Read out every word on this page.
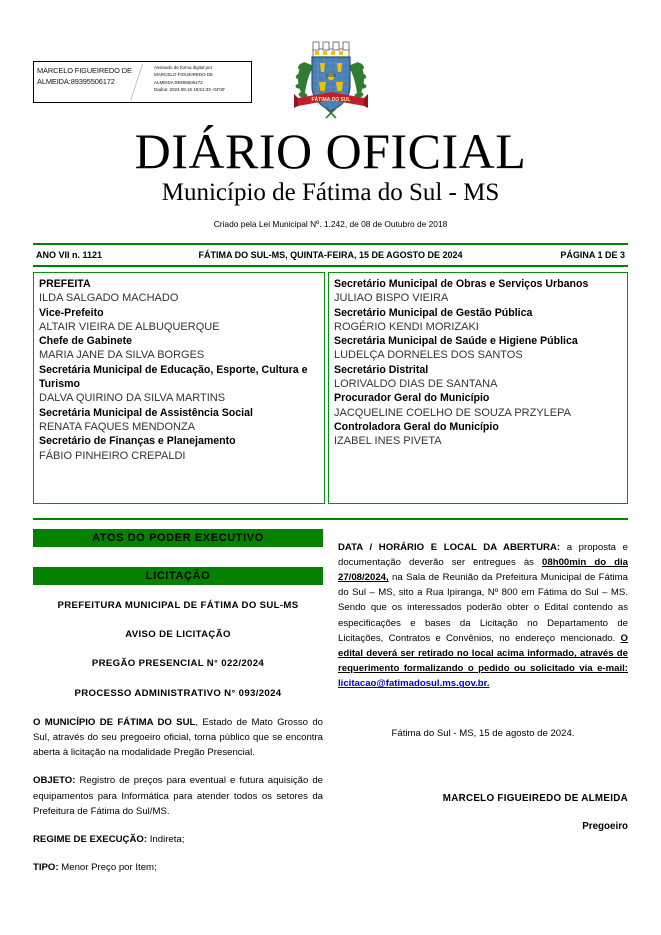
MARCELO FIGUEIREDO DE ALMEIDA:89395506172
Assinado de forma digital por
MARCELO FIGUEIREDO DE
ALMEIDA:89395506172
Dados: 2024.08.15 18:51:33 -04'00'
FÁTIMA DO SUL
DIÁRIO OFICIAL
Município de Fátima do Sul - MS
Criado pela Lei Municipal Nº. 1.242, de 08 de Outubro de 2018
ANO VII n. 1121	FÁTIMA DO SUL-MS, QUINTA-FEIRA, 15 DE AGOSTO DE 2024	PÁGINA 1 DE 3
PREFEITA
ILDA SALGADO MACHADO
Vice-Prefeito
ALTAIR VIEIRA DE ALBUQUERQUE
Chefe de Gabinete
MARIA JANE DA SILVA BORGES
Secretária Municipal de Educação, Esporte, Cultura e Turismo
DALVA QUIRINO DA SILVA MARTINS
Secretária Municipal de Assistência Social
RENATA FAQUES MENDONZA
Secretário de Finanças e Planejamento
FÁBIO PINHEIRO CREPALDI
Secretário Municipal de Obras e Serviços Urbanos
JULIAO BISPO VIEIRA
Secretário Municipal de Gestão Pública
ROGÉRIO KENDI MORIZAKI
Secretária Municipal de Saúde e Higiene Pública
LUDELÇA DORNELES DOS SANTOS
Secretário Distrital
LORIVALDO DIAS DE SANTANA
Procurador Geral do Município
JACQUELINE COELHO DE SOUZA PRZYLEPA
Controladora Geral do Município
IZABEL INES PIVETA
ATOS DO PODER EXECUTIVO
LICITAÇÃO
PREFEITURA MUNICIPAL DE FÁTIMA DO SUL-MS
AVISO DE LICITAÇÃO
PREGÃO PRESENCIAL N° 022/2024
PROCESSO ADMINISTRATIVO N° 093/2024

O MUNICÍPIO DE FÁTIMA DO SUL, Estado de Mato Grosso do Sul, através do seu pregoeiro oficial, torna público que se encontra aberta à licitação na modalidade Pregão Presencial.

OBJETO: Registro de preços para eventual e futura aquisição de equipamentos para Informática para atender todos os setores da Prefeitura de Fátima do Sul/MS.

REGIME DE EXECUÇÃO: Indireta;

TIPO: Menor Preço por Item;

DATA / HORÁRIO E LOCAL DA ABERTURA: a proposta e documentação deverão ser entregues às 08h00min do dia 27/08/2024, na Sala de Reunião da Prefeitura Municipal de Fátima do Sul – MS, sito a Rua Ipiranga, Nº 800 em Fátima do Sul – MS. Sendo que os interessados poderão obter o Edital contendo as especificações e bases da Licitação no Departamento de Licitações, Contratos e Convênios, no endereço mencionado. O edital deverá ser retirado no local acima informado, através de requerimento formalizando o pedido ou solicitado via e-mail: licitacao@fatimadosul.ms.gov.br.

Fátima do Sul - MS, 15 de agosto de 2024.
MARCELO FIGUEIREDO DE ALMEIDA
Pregoeiro
